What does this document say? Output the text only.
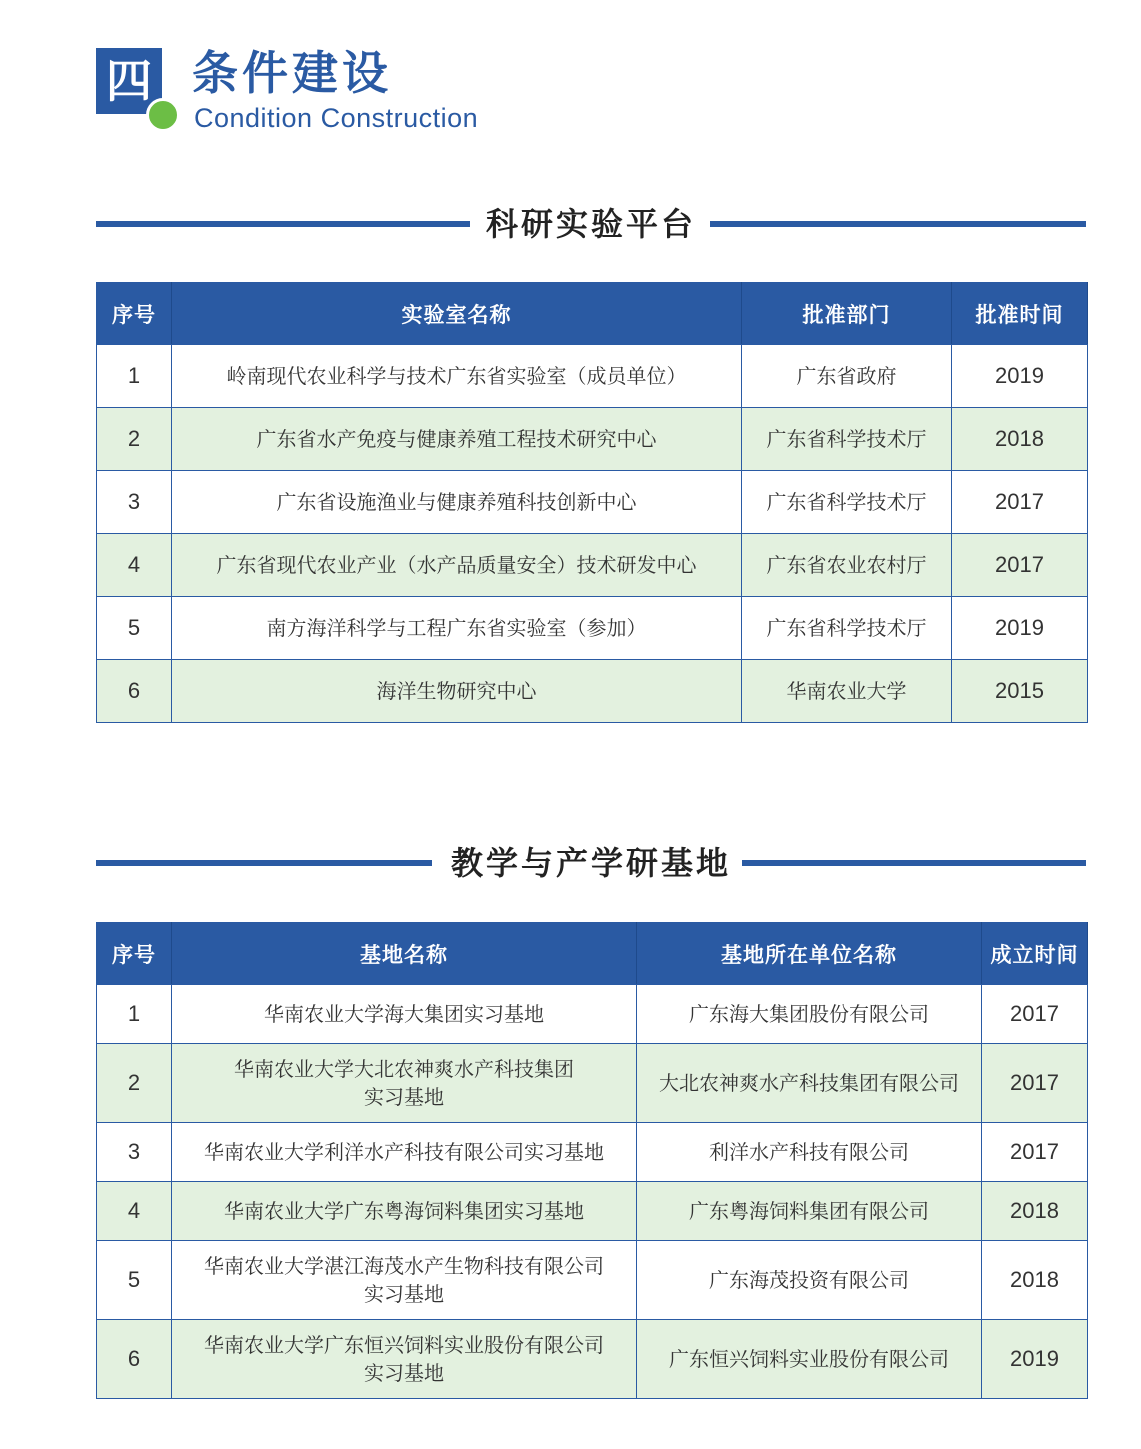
四 条件建设
Condition Construction
科研实验平台
序号	实验室名称	批准部门	批准时间
1	岭南现代农业科学与技术广东省实验室（成员单位）	广东省政府	2019
2	广东省水产免疫与健康养殖工程技术研究中心	广东省科学技术厅	2018
3	广东省设施渔业与健康养殖科技创新中心	广东省科学技术厅	2017
4	广东省现代农业产业（水产品质量安全）技术研发中心	广东省农业农村厅	2017
5	南方海洋科学与工程广东省实验室（参加）	广东省科学技术厅	2019
6	海洋生物研究中心	华南农业大学	2015
教学与产学研基地
序号	基地名称	基地所在单位名称	成立时间
1	华南农业大学海大集团实习基地	广东海大集团股份有限公司	2017
2	华南农业大学大北农神爽水产科技集团
实习基地	大北农神爽水产科技集团有限公司	2017
3	华南农业大学利洋水产科技有限公司实习基地	利洋水产科技有限公司	2017
4	华南农业大学广东粤海饲料集团实习基地	广东粤海饲料集团有限公司	2018
5	华南农业大学湛江海茂水产生物科技有限公司
实习基地	广东海茂投资有限公司	2018
6	华南农业大学广东恒兴饲料实业股份有限公司
实习基地	广东恒兴饲料实业股份有限公司	2019
